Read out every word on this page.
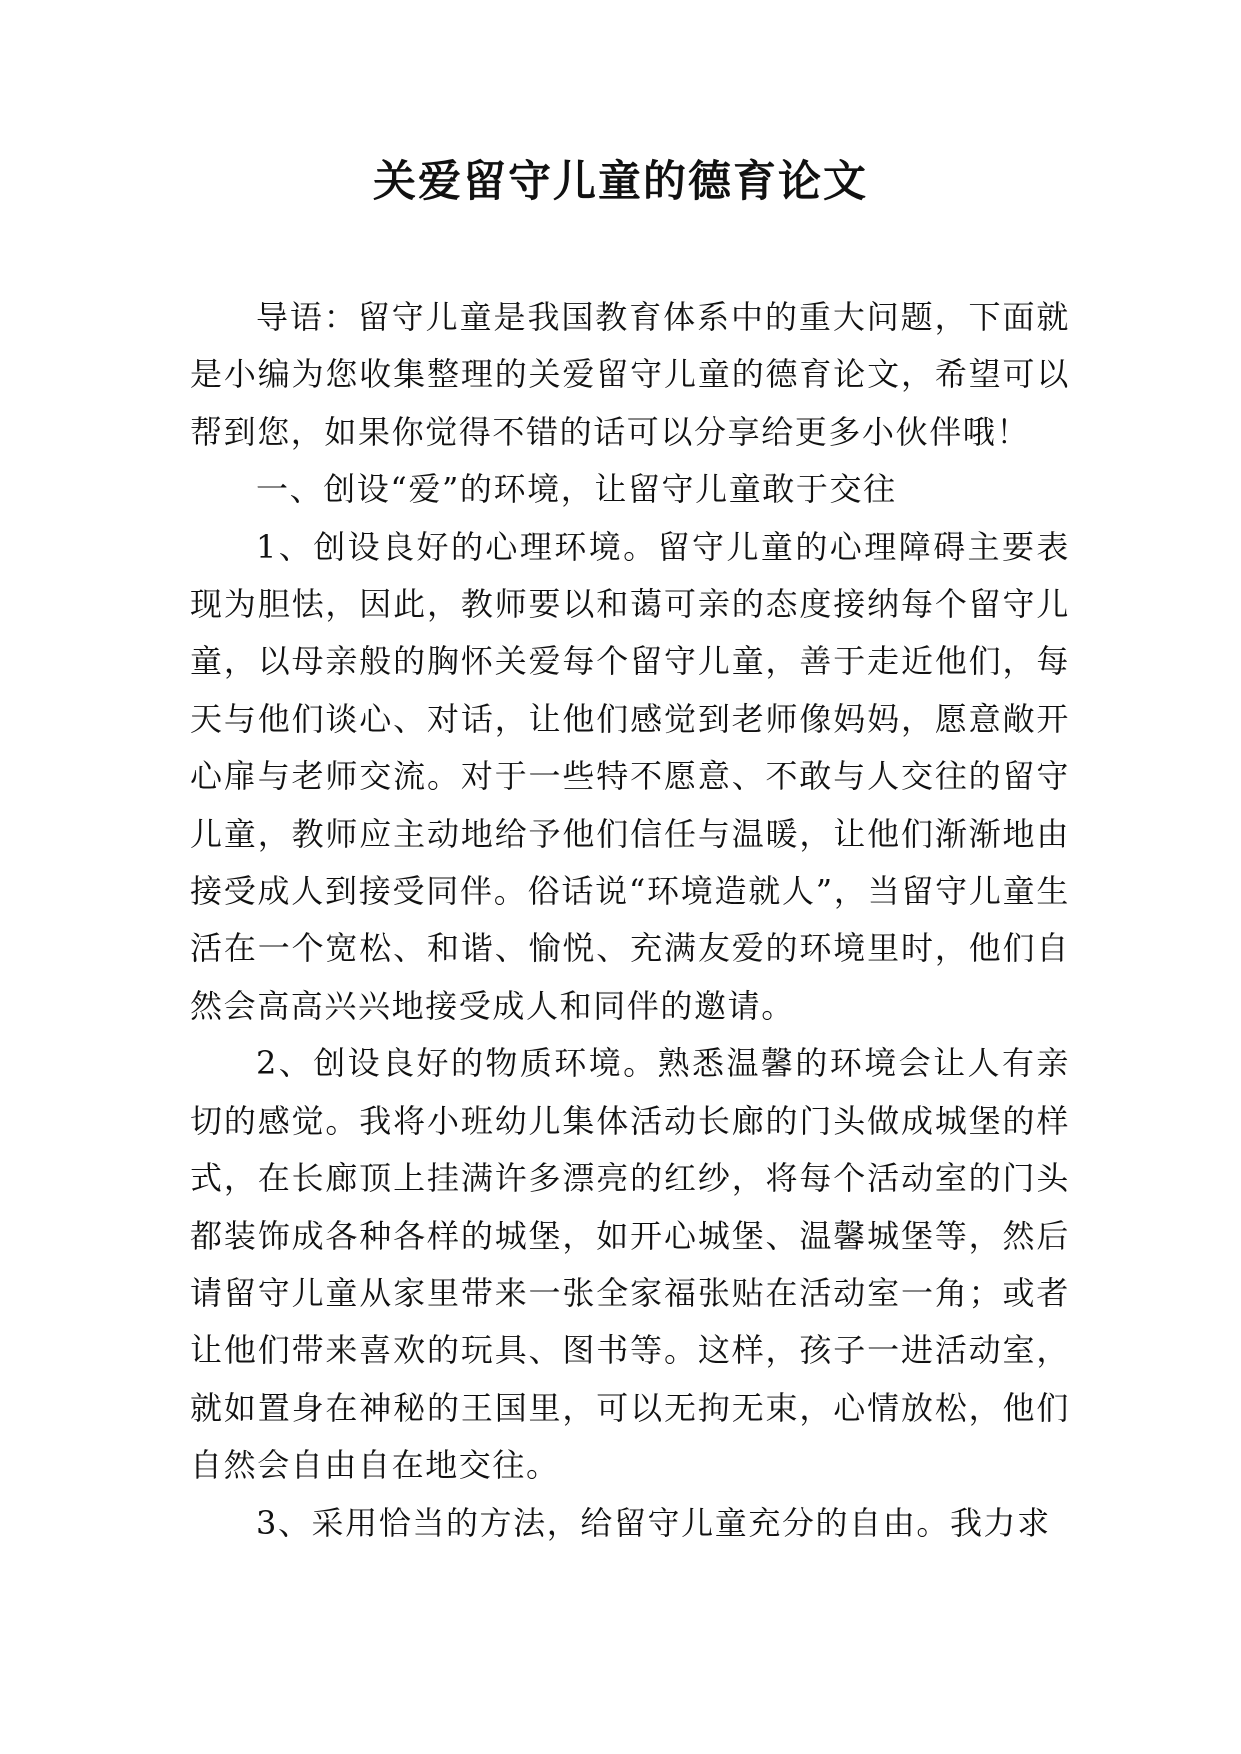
关爱留守儿童的德育论文

导语：留守儿童是我国教育体系中的重大问题，下面就是小编为您收集整理的关爱留守儿童的德育论文，希望可以帮到您，如果你觉得不错的话可以分享给更多小伙伴哦！

一、创设“爱”的环境，让留守儿童敢于交往

1、创设良好的心理环境。留守儿童的心理障碍主要表现为胆怯，因此，教师要以和蔼可亲的态度接纳每个留守儿童，以母亲般的胸怀关爱每个留守儿童，善于走近他们，每天与他们谈心、对话，让他们感觉到老师像妈妈，愿意敞开心扉与老师交流。对于一些特不愿意、不敢与人交往的留守儿童，教师应主动地给予他们信任与温暖，让他们渐渐地由接受成人到接受同伴。俗话说“环境造就人”，当留守儿童生活在一个宽松、和谐、愉悦、充满友爱的环境里时，他们自然会高高兴兴地接受成人和同伴的邀请。

2、创设良好的物质环境。熟悉温馨的环境会让人有亲切的感觉。我将小班幼儿集体活动长廊的门头做成城堡的样式，在长廊顶上挂满许多漂亮的红纱，将每个活动室的门头都装饰成各种各样的城堡，如开心城堡、温馨城堡等，然后请留守儿童从家里带来一张全家福张贴在活动室一角；或者让他们带来喜欢的玩具、图书等。这样，孩子一进活动室，就如置身在神秘的王国里，可以无拘无束，心情放松，他们自然会自由自在地交往。

3、采用恰当的方法，给留守儿童充分的自由。我力求
